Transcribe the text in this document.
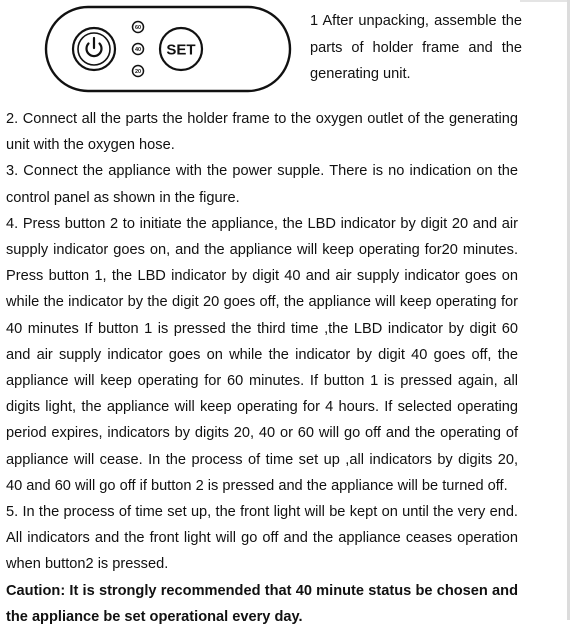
60
40
20
SET

1 After unpacking, assemble the parts of holder frame and the generating unit.

2. Connect all the parts the holder frame to the oxygen outlet of the generating unit with the oxygen hose.

3. Connect the appliance with the power supple. There is no indication on the control panel as shown in the figure.

4. Press button 2 to initiate the appliance, the LBD indicator by digit 20 and air supply indicator goes on, and the appliance will keep operating for20 minutes. Press button 1, the LBD indicator by digit 40 and air supply indicator goes on while the indicator by the digit 20 goes off, the appliance will keep operating for 40 minutes If button 1 is pressed the third time ,the LBD indicator by digit 60 and air supply indicator goes on while the indicator by digit 40 goes off, the appliance will keep operating for 60 minutes. If button 1 is pressed again, all digits light, the appliance will keep operating for 4 hours. If selected operating period expires, indicators by digits 20, 40 or 60 will go off and the operating of appliance will cease. In the process of time set up ,all indicators by digits 20, 40 and 60 will go off if button 2 is pressed and the appliance will be turned off.

5. In the process of time set up, the front light will be kept on until the very end. All indicators and the front light will go off and the appliance ceases operation when button2 is pressed.

Caution: It is strongly recommended that 40 minute status be chosen and the appliance be set operational every day.
